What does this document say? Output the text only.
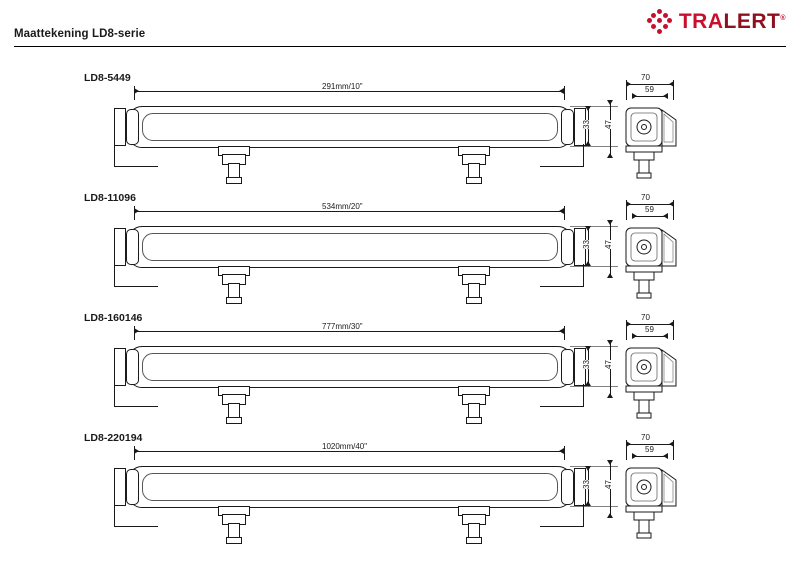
Maattekening LD8-serie
TRALERT®
LD8-5449
291mm/10"
33 47
70
59
LD8-11096
534mm/20"
33 47
70
59
LD8-160146
777mm/30"
33 47
70
59
LD8-220194
1020mm/40"
33 47
70
59
